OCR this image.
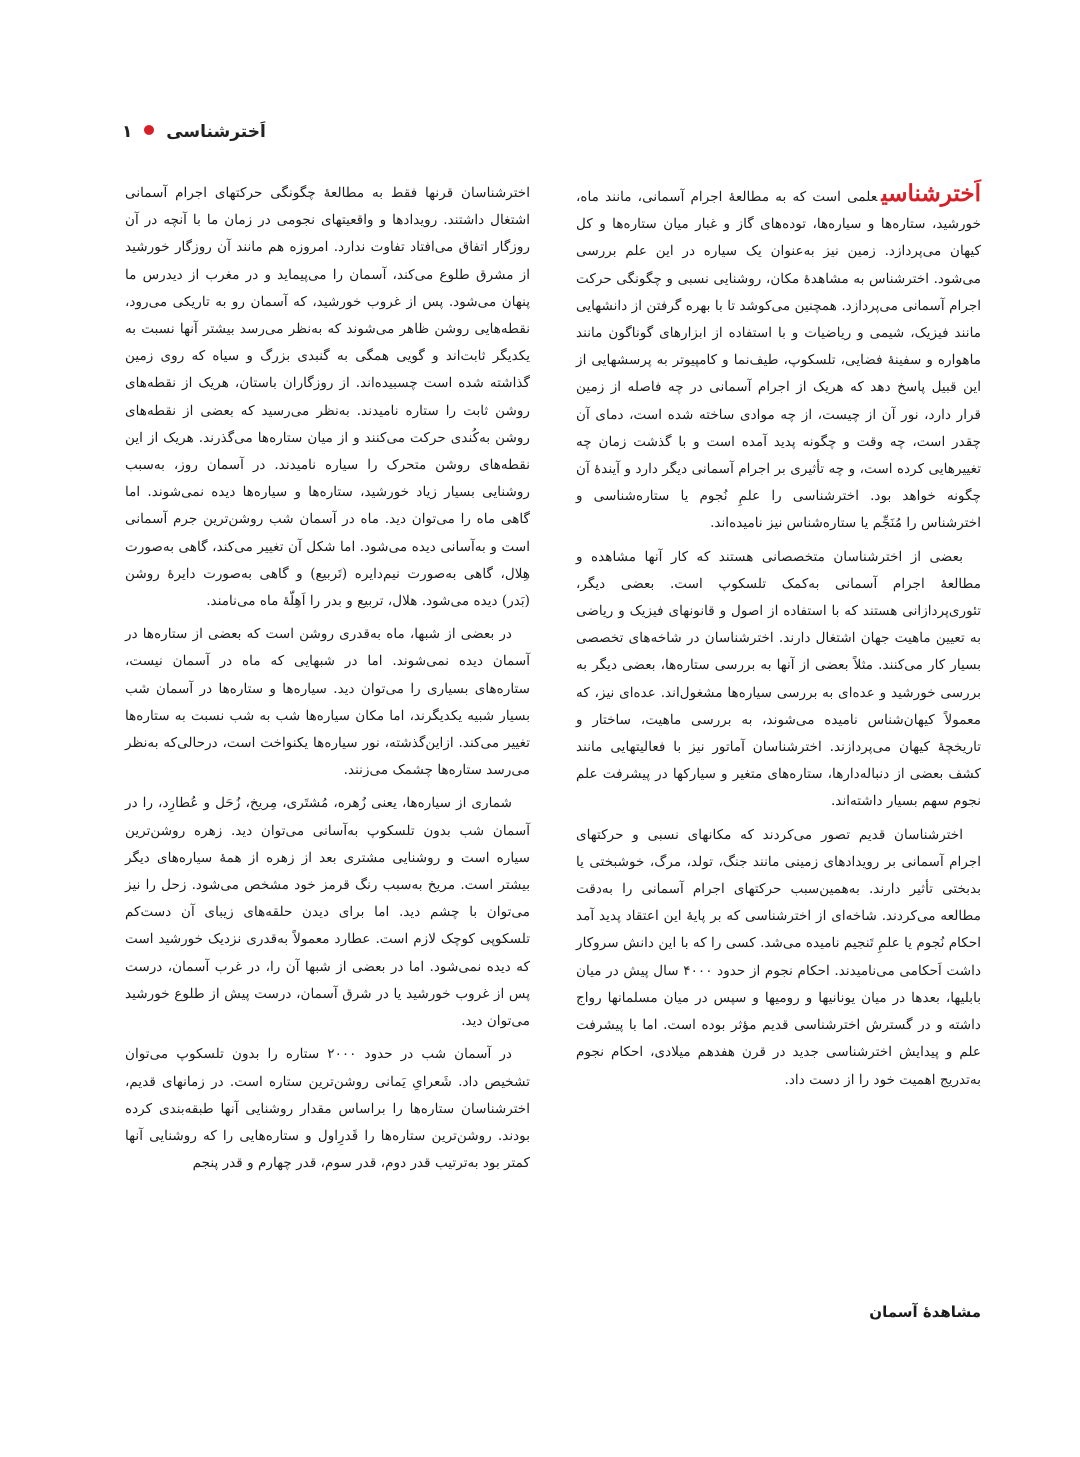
اَخترشناسی  ۱

اَخترشناسیعلمی است که به مطالعهٔ اجرام آسمانی، مانند ماه، خورشید، ستاره‌ها و سیاره‌ها، توده‌های گاز و غبار میان ستاره‌ها و کل کیهان می‌پردازد. زمین نیز به‌عنوان یک سیاره در این علم بررسی می‌شود. اخترشناس به مشاهدهٔ مکان، روشنایی نسبی و چگونگی حرکت اجرام آسمانی می‌پردازد. همچنین می‌کوشد تا با بهره گرفتن از دانشهایی مانند فیزیک، شیمی و ریاضیات و با استفاده از ابزارهای گوناگون مانند ماهواره و سفینهٔ فضایی، تلسکوپ، طیف‌نما و کامپیوتر به پرسشهایی از این قبیل پاسخ دهد که هریک از اجرام آسمانی در چه فاصله از زمین قرار دارد، نور آن از چیست، از چه موادی ساخته شده است، دمای آن چقدر است، چه وقت و چگونه پدید آمده است و با گذشت زمان چه تغییرهایی کرده است، و چه تأثیری بر اجرام آسمانی دیگر دارد و آیندهٔ آن چگونه خواهد بود. اخترشناسی را علمِ نُجوم یا ستاره‌شناسی و اخترشناس را مُنَجِّم یا ستاره‌شناس نیز نامیده‌اند.

بعضی از اخترشناسان متخصصانی هستند که کار آنها مشاهده و مطالعهٔ اجرام آسمانی به‌کمک تلسکوپ است. بعضی دیگر، تئوری‌پردازانی هستند که با استفاده از اصول و قانونهای فیزیک و ریاضی به تعیین ماهیت جهان اشتغال دارند. اخترشناسان در شاخه‌های تخصصی بسیار کار می‌کنند. مثلاً بعضی از آنها به بررسی ستاره‌ها، بعضی دیگر به بررسی خورشید و عده‌ای به بررسی سیاره‌ها مشغول‌اند. عده‌ای نیز، که معمولاً کیهان‌شناس نامیده می‌شوند، به بررسی ماهیت، ساختار و تاریخچهٔ کیهان می‌پردازند. اخترشناسان آماتور نیز با فعالیتهایی مانند کشف بعضی از دنباله‌دارها، ستاره‌های متغیر و سیارکها در پیشرفت علم نجوم سهم بسیار داشته‌اند.

اخترشناسان قدیم تصور می‌کردند که مکانهای نسبی و حرکتهای اجرام آسمانی بر رویدادهای زمینی مانند جنگ، تولد، مرگ، خوشبختی یا بدبختی تأثیر دارند. به‌همین‌سبب حرکتهای اجرام آسمانی را به‌دقت مطالعه می‌کردند. شاخه‌ای از اخترشناسی که بر پایهٔ این اعتقاد پدید آمد احکام نُجوم یا علمِ تَنجیم نامیده می‌شد. کسی را که با این دانش سروکار داشت اَحکامی می‌نامیدند. احکام نجوم از حدود ۴۰۰۰ سال پیش در میان بابلیها، بعدها در میان یونانیها و رومیها و سپس در میان مسلمانها رواج داشته و در گسترش اخترشناسی قدیم مؤثر بوده است. اما با پیشرفت علم و پیدایش اخترشناسی جدید در قرن هفدهم میلادی، احکام نجوم به‌تدریج اهمیت خود را از دست داد.

مشاهدهٔ آسمان

اخترشناسان قرنها فقط به مطالعهٔ چگونگی حرکتهای اجرام آسمانی اشتغال داشتند. رویدادها و واقعیتهای نجومی در زمان ما با آنچه در آن روزگار اتفاق می‌افتاد تفاوت ندارد. امروزه هم مانند آن روزگار خورشید از مشرق طلوع می‌کند، آسمان را می‌پیماید و در مغرب از دیدرس ما پنهان می‌شود. پس از غروب خورشید، که آسمان رو به تاریکی می‌رود، نقطه‌هایی روشن ظاهر می‌شوند که به‌نظر می‌رسد بیشتر آنها نسبت به یکدیگر ثابت‌اند و گویی همگی به گنبدی بزرگ و سیاه که روی زمین گذاشته شده است چسبیده‌اند. از روزگاران باستان، هریک از نقطه‌های روشن ثابت را ستاره نامیدند. به‌نظر می‌رسید که بعضی از نقطه‌های روشن به‌کُندی حرکت می‌کنند و از میان ستاره‌ها می‌گذرند. هریک از این نقطه‌های روشن متحرک را سیاره نامیدند. در آسمان روز، به‌سبب روشنایی بسیار زیاد خورشید، ستاره‌ها و سیاره‌ها دیده نمی‌شوند. اما گاهی ماه را می‌توان دید. ماه در آسمان شب روشن‌ترین جرم آسمانی است و به‌آسانی دیده می‌شود. اما شکل آن تغییر می‌کند، گاهی به‌صورت هِلال، گاهی به‌صورت نیم‌دایره (تَربیع) و گاهی به‌صورت دایرهٔ روشن (بَدر) دیده می‌شود. هلال، تربیع و بدر را اَهِلّهٔ ماه می‌نامند.

در بعضی از شبها، ماه به‌قدری روشن است که بعضی از ستاره‌ها در آسمان دیده نمی‌شوند. اما در شبهایی که ماه در آسمان نیست، ستاره‌های بسیاری را می‌توان دید. سیاره‌ها و ستاره‌ها در آسمان شب بسیار شبیه یکدیگرند، اما مکان سیاره‌ها شب به شب نسبت به ستاره‌ها تغییر می‌کند. ازاین‌گذشته، نور سیاره‌ها یکنواخت است، درحالی‌که به‌نظر می‌رسد ستاره‌ها چشمک می‌زنند.

شماری از سیاره‌ها، یعنی زُهره، مُشتَری، مِریخ، زُحَل و عُطارِد، را در آسمان شب بدون تلسکوپ به‌آسانی می‌توان دید. زهره روشن‌ترین سیاره است و روشنایی مشتری بعد از زهره از همهٔ سیاره‌های دیگر بیشتر است. مریخ به‌سبب رنگ قرمز خود مشخص می‌شود. زحل را نیز می‌توان با چشم دید. اما برای دیدن حلقه‌های زیبای آن دست‌کم تلسکوپی کوچک لازم است. عطارد معمولاً به‌قدری نزدیک خورشید است که دیده نمی‌شود. اما در بعضی از شبها آن را، در غرب آسمان، درست پس از غروب خورشید یا در شرق آسمان، درست پیش از طلوع خورشید می‌توان دید.

در آسمان شب در حدود ۲۰۰۰ ستاره را بدون تلسکوپ می‌توان تشخیص داد. شَعرایِ یَمانی روشن‌ترین ستاره است. در زمانهای قدیم، اخترشناسان ستاره‌ها را براساس مقدار روشنایی آنها طبقه‌بندی کرده بودند. روشن‌ترین ستاره‌ها را قَدرِاول و ستاره‌هایی را که روشنایی آنها کمتر بود به‌ترتیب قدر دوم، قدر سوم، قدر چهارم و قدر پنجم
